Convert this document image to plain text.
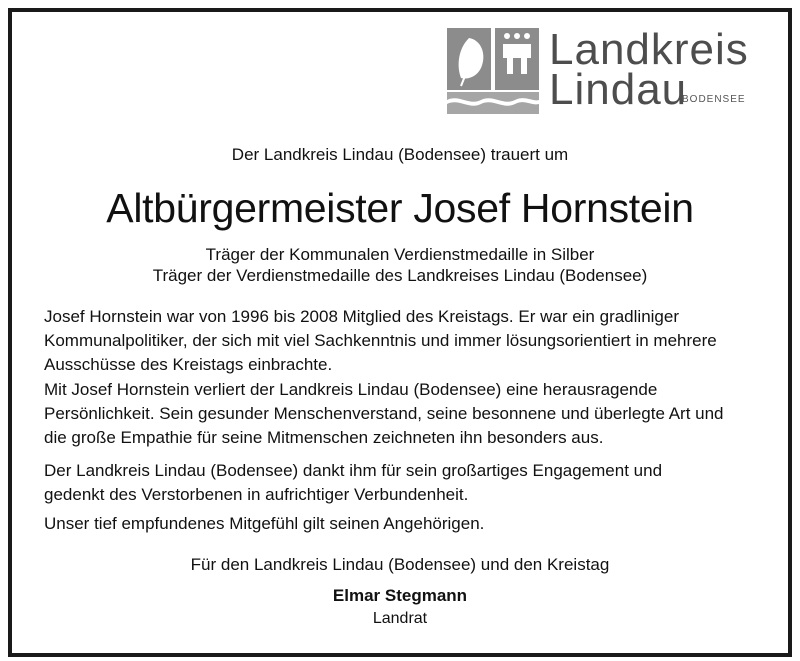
Landkreis
Lindau
BODENSEE
Der Landkreis Lindau (Bodensee) trauert um
Altbürgermeister Josef Hornstein
Träger der Kommunalen Verdienstmedaille in Silber
Träger der Verdienstmedaille des Landkreises Lindau (Bodensee)
Josef Hornstein war von 1996 bis 2008 Mitglied des Kreistags. Er war ein gradliniger
Kommunalpolitiker, der sich mit viel Sachkenntnis und immer lösungsorientiert in mehrere
Ausschüsse des Kreistags einbrachte.
Mit Josef Hornstein verliert der Landkreis Lindau (Bodensee) eine herausragende
Persönlichkeit. Sein gesunder Menschenverstand, seine besonnene und überlegte Art und
die große Empathie für seine Mitmenschen zeichneten ihn besonders aus.
Der Landkreis Lindau (Bodensee) dankt ihm für sein großartiges Engagement und
gedenkt des Verstorbenen in aufrichtiger Verbundenheit.
Unser tief empfundenes Mitgefühl gilt seinen Angehörigen.
Für den Landkreis Lindau (Bodensee) und den Kreistag
Elmar Stegmann
Landrat
